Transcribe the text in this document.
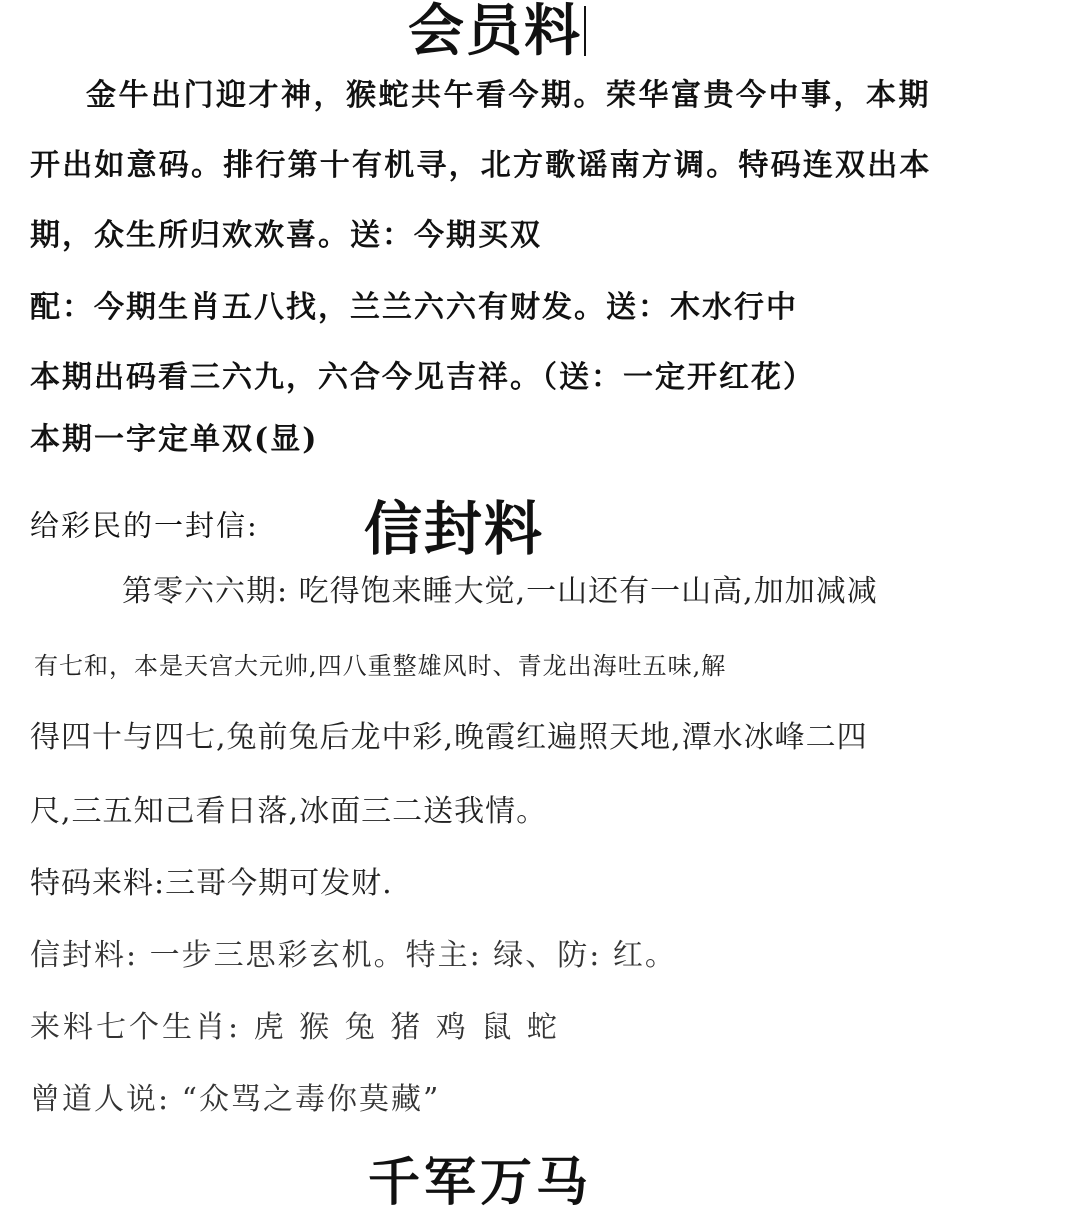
会员料

金牛出门迎才神，猴蛇共午看今期。荣华富贵今中事，本期

开出如意码。排行第十有机寻，北方歌谣南方调。特码连双出本

期，众生所归欢欢喜。送：今期买双

配：今期生肖五八找，兰兰六六有财发。送：木水行中

本期出码看三六九，六合今见吉祥。（送：一定开红花）

本期一字定单双(显)

给彩民的一封信: 信封料

第零六六期: 吃得饱来睡大觉,一山还有一山高,加加减减

有七和，本是天宫大元帅,四八重整雄风时、青龙出海吐五味,解

得四十与四七,兔前兔后龙中彩,晚霞红遍照天地,潭水冰峰二四

尺,三五知己看日落,冰面三二送我情。

特码来料:三哥今期可发财.

信封料: 一步三思彩玄机。特主: 绿、防: 红。

来料七个生肖: 虎 猴 兔 猪 鸡 鼠 蛇

曾道人说: “众骂之毒你莫藏”

千军万马
